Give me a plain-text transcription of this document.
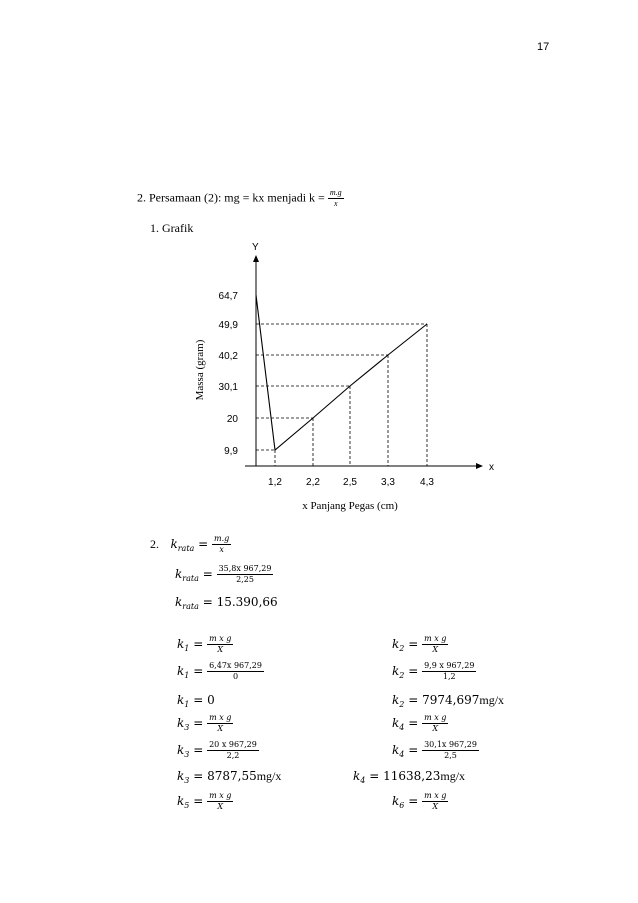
17
2. Persamaan (2): mg = kx menjadi $k = \frac{m.g}{x}$
1. Grafik
Y
x
64,7
49,9
40,2
30,1
20
9,9
1,2 2,2 2,5 3,3	4,3
Massa (gram)
x Panjang Pegas (cm)
2. $k_{rata} = \frac{m.g}{x}$
$k_{rata} = \frac{35,8x 967,29}{2,25}$
$k_{rata} = 15.390,66$
$k_1 = \frac{\text{m x g}}{X}$
$k_1 = \frac{6,47x 967,29}{0}$
$k_1 = 0$
$k_3 = \frac{\text{m x g}}{X}$
$k_3 = \frac{20 x 967,29}{2,2}$
$k_3 = 8787,55mg/x$
$k_5 = \frac{\text{m x g}}{X}$
$k_2 = \frac{\text{m x g}}{X}$
$k_2 = \frac{9,9 x 967,29}{1,2}$
$k_2 = 7974,697mg/x$
$k_4 = \frac{\text{m x g}}{X}$
$k_4 = \frac{30,1x 967,29}{2,5}$
$k_4 = 11638,23mg/x$
$k_6 = \frac{\text{m x g}}{X}$
